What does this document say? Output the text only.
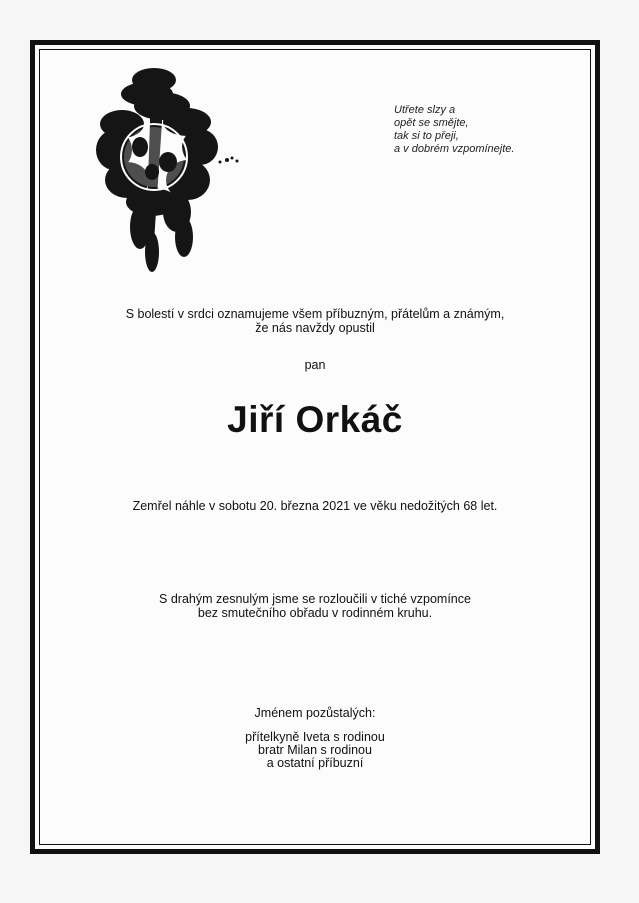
Utřete slzy a
opět se smějte,
tak si to přeji,
a v dobrém vzpomínejte.
S bolestí v srdci oznamujeme všem příbuzným, přátelům a známým,
že nás navždy opustil
pan
Jiří Orkáč
Zemřel náhle v sobotu 20. března 2021 ve věku nedožitých 68 let.
S drahým zesnulým jsme se rozloučili v tiché vzpomínce
bez smutečního obřadu v rodinném kruhu.
Jménem pozůstalých:
přítelkyně Iveta s rodinou
bratr Milan s rodinou
a ostatní příbuzní
